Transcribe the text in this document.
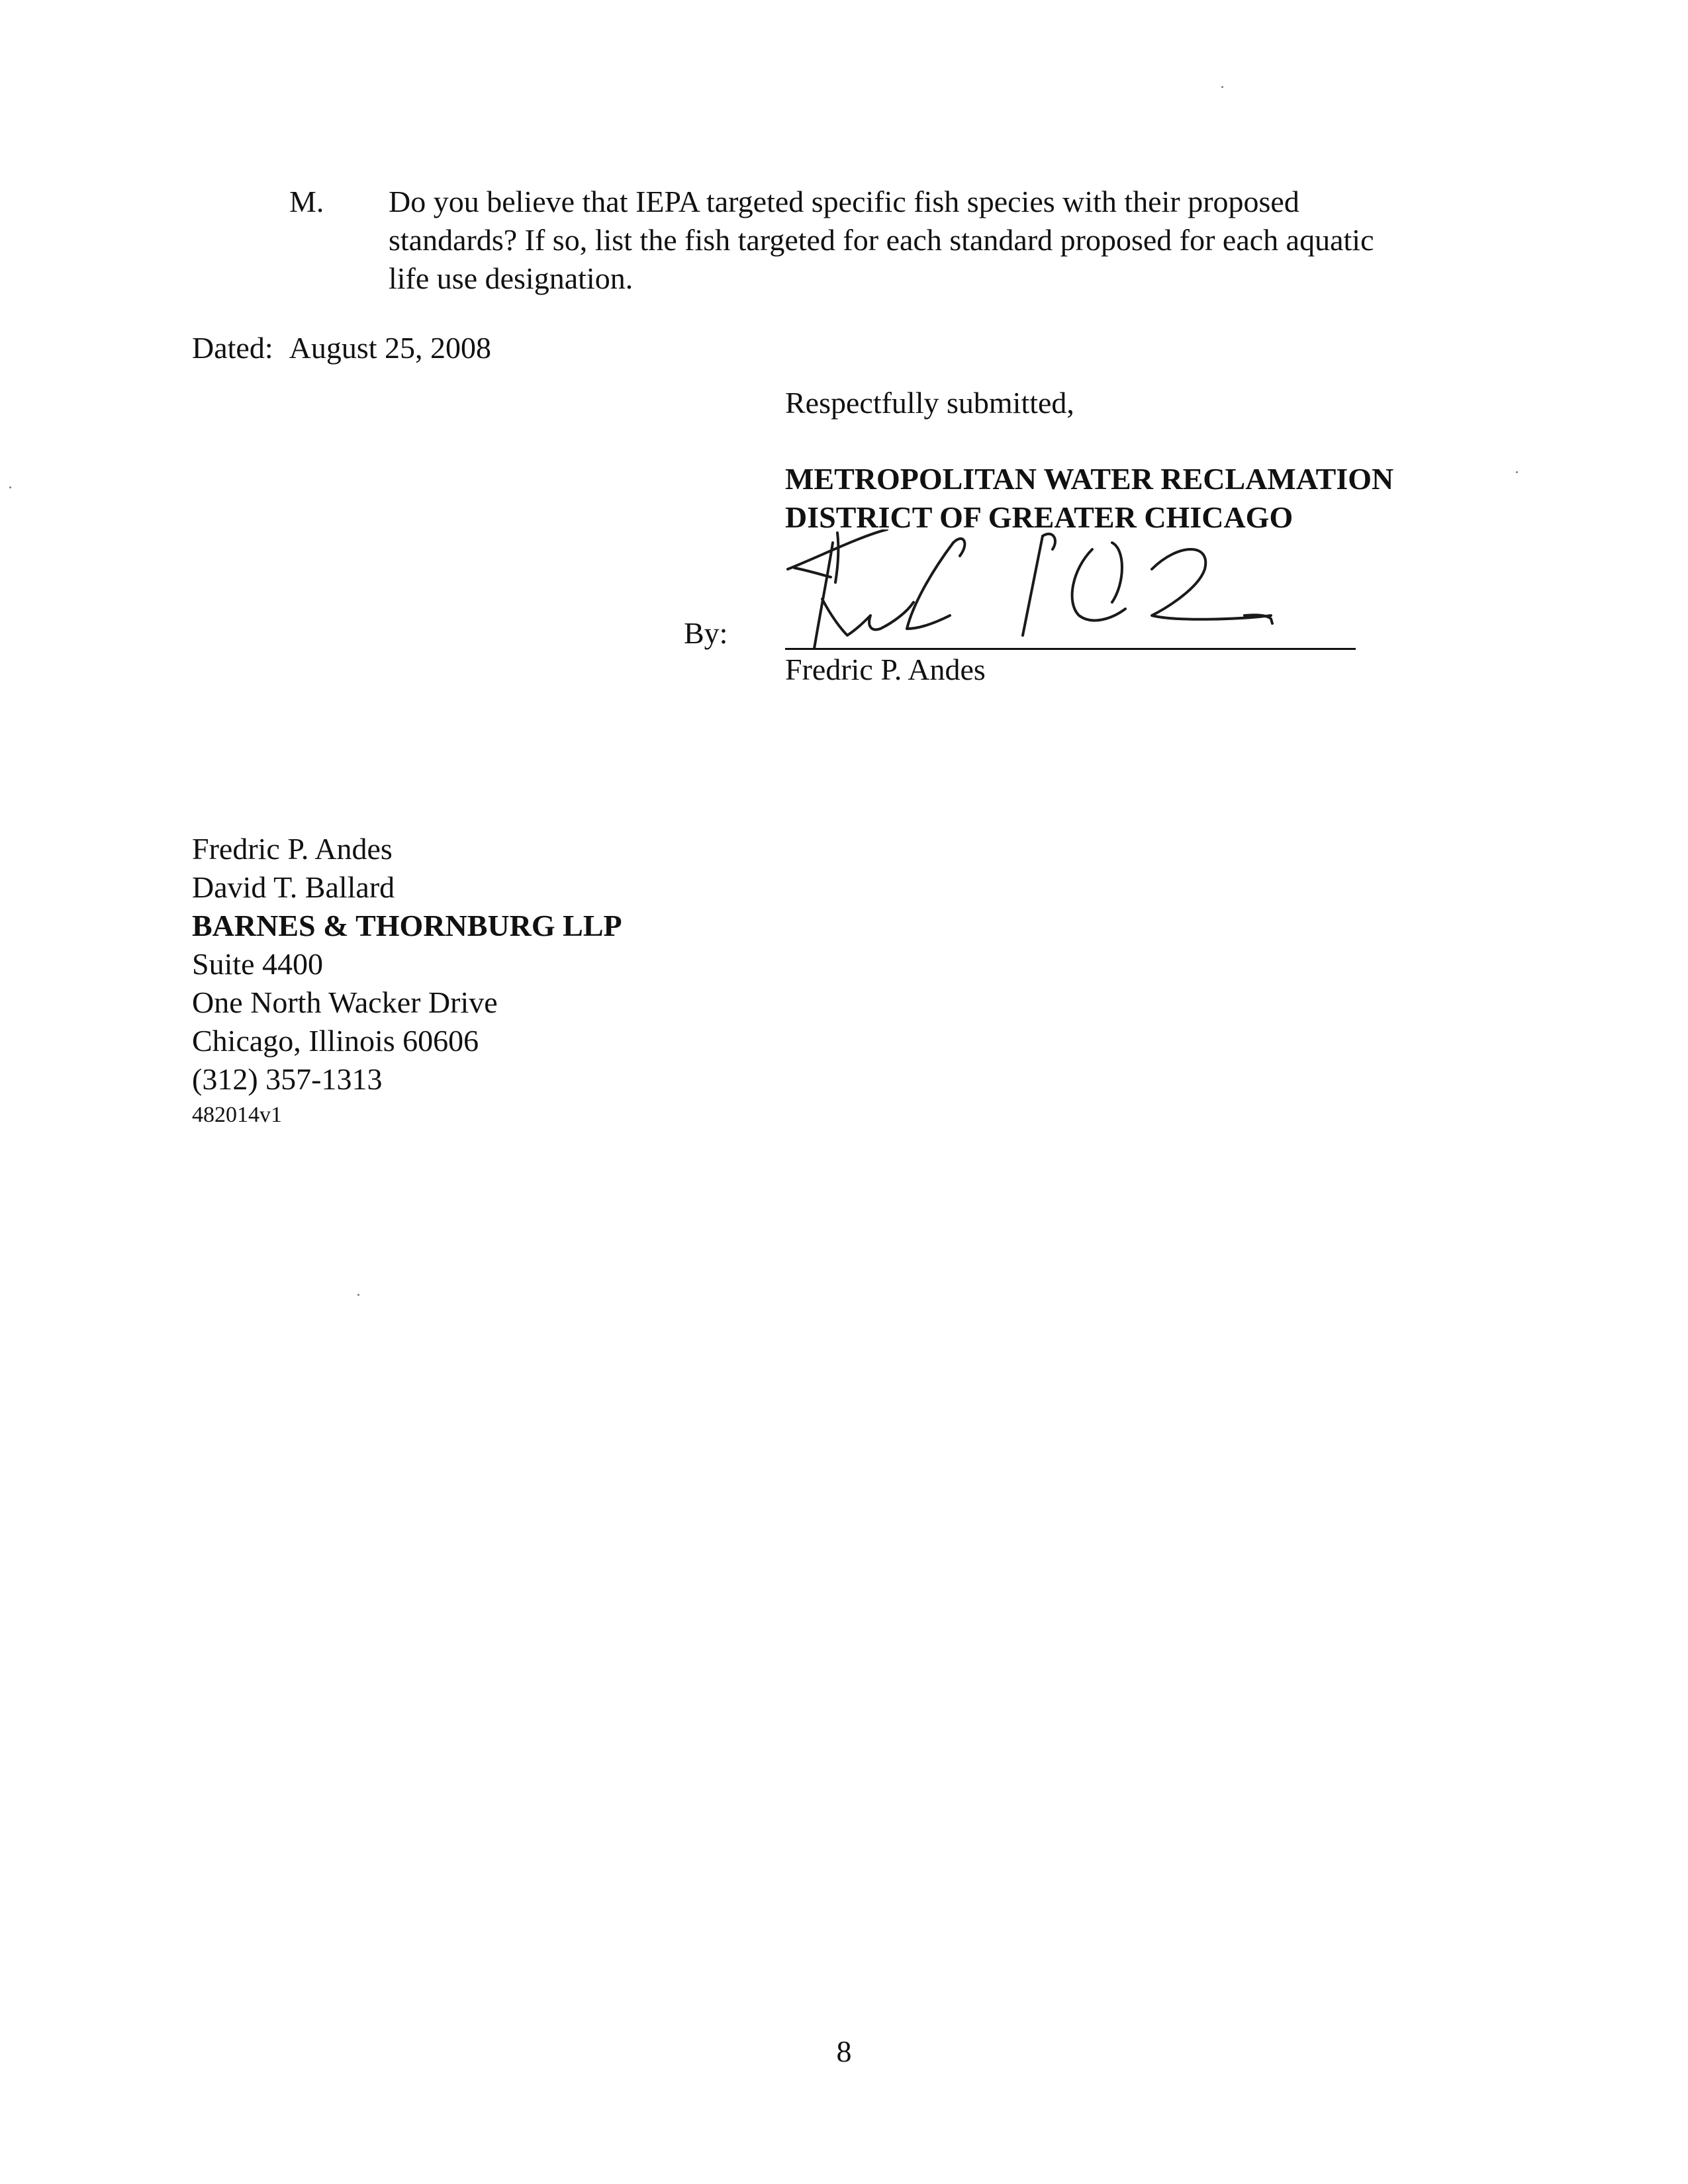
M. Do you believe that IEPA targeted specific fish species with their proposed
standards? If so, list the fish targeted for each standard proposed for each aquatic
life use designation.
Dated: August 25, 2008
Respectfully submitted,
METROPOLITAN WATER RECLAMATION
DISTRICT OF GREATER CHICAGO
By:
Fredric P. Andes
Fredric P. Andes
David T. Ballard
BARNES & THORNBURG LLP
Suite 4400
One North Wacker Drive
Chicago, Illinois 60606
(312) 357-1313
482014v1
8
